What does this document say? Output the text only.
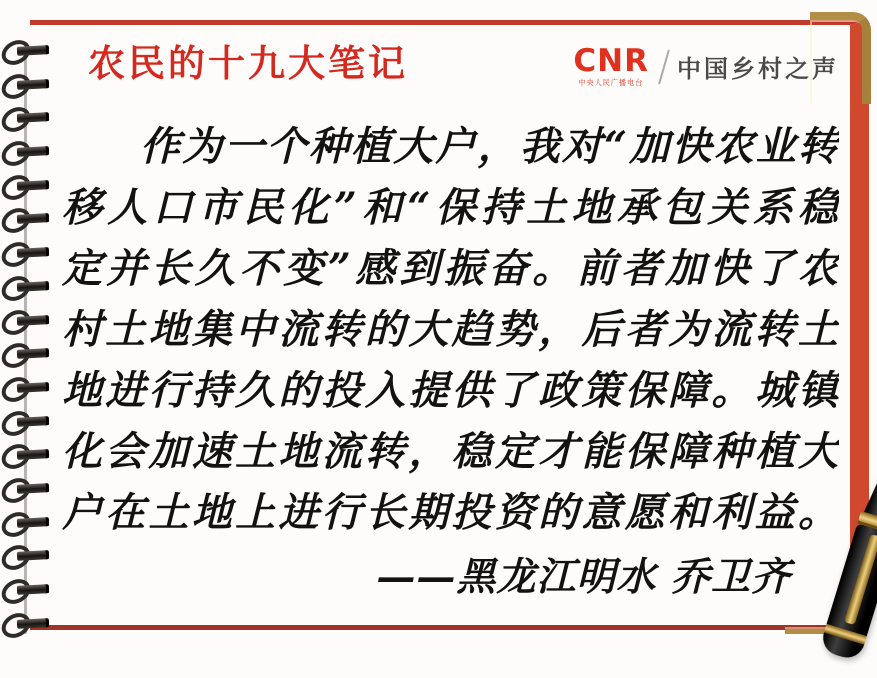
农民的十九大笔记	CNR
中央人民广播电台 中国乡村之声
作为一个种植大户，我对“加快农业转
移人口市民化”和“保持土地承包关系稳
定并长久不变”感到振奋。前者加快了农
村土地集中流转的大趋势，后者为流转土
地进行持久的投入提供了政策保障。城镇
化会加速土地流转，稳定才能保障种植大
户在土地上进行长期投资的意愿和利益。
——黑龙江明水 乔卫齐
